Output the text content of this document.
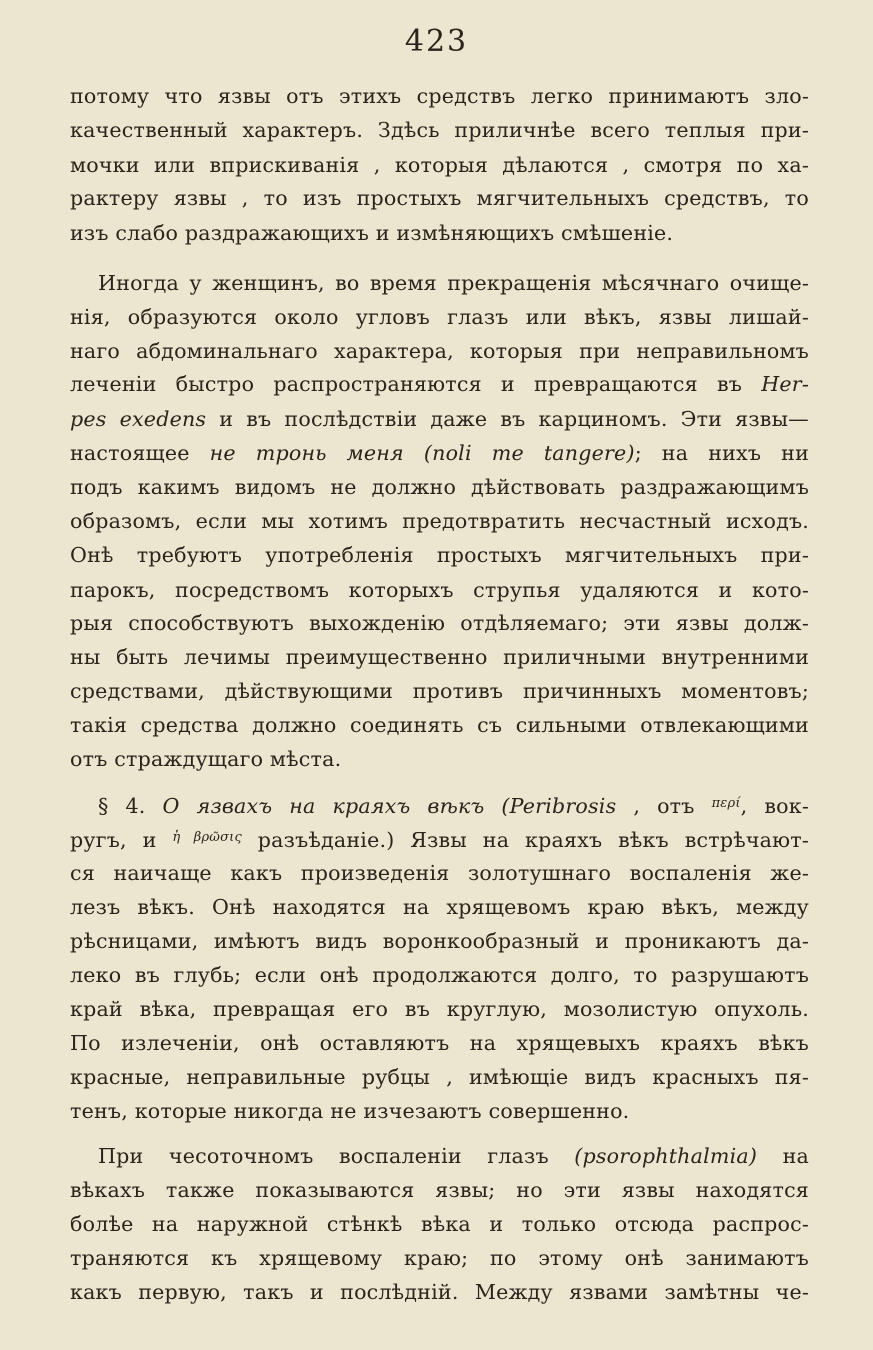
423

потому что язвы отъ этихъ средствъ легко принимаютъ зло-

качественный характеръ. Здѣсь приличнѣе всего теплыя при-

мочки или вприскиванія , которыя дѣлаются , смотря по ха-

рактеру язвы , то изъ простыхъ мягчительныхъ средствъ, то

изъ слабо раздражающихъ и измѣняющихъ смѣшеніе.

Иногда у женщинъ, во время прекращенія мѣсячнаго очище-

нія, образуются около угловъ глазъ или вѣкъ, язвы лишай-

наго абдоминальнаго характера, которыя при неправильномъ

леченіи быстро распространяются и превращаются въ Her-

pes exedens и въ послѣдствіи даже въ карциномъ. Эти язвы—

настоящее не тронь меня (noli me tangere); на нихъ ни

подъ какимъ видомъ не должно дѣйствовать раздражающимъ

образомъ, если мы хотимъ предотвратить несчастный исходъ.

Онѣ требуютъ употребленія простыхъ мягчительныхъ при-

парокъ, посредствомъ которыхъ струпья удаляются и кото-

рыя способствуютъ выхожденію отдѣляемаго; эти язвы долж-

ны быть лечимы преимущественно приличными внутренними

средствами, дѣйствующими противъ причинныхъ моментовъ;

такія средства должно соединять съ сильными отвлекающими

отъ страждущаго мѣста.

§ 4. О язвахъ на краяхъ вѣкъ (Peribrosis , отъ $^{\pi\varepsilon\rho ί}$, вок-

ругъ, и $^{ἡ \beta\rho ῶ\sigma\iota\varsigma}$ разъѣданіе.) Язвы на краяхъ вѣкъ встрѣчают-

ся наичаще какъ произведенія золотушнаго воспаленія же-

лезъ вѣкъ. Онѣ находятся на хрящевомъ краю вѣкъ, между

рѣсницами, имѣютъ видъ воронкообразный и проникаютъ да-

леко въ глубь; если онѣ продолжаются долго, то разрушаютъ

край вѣка, превращая его въ круглую, мозолистую опухоль.

По излеченіи, онѣ оставляютъ на хрящевыхъ краяхъ вѣкъ

красные, неправильные рубцы , имѣющіе видъ красныхъ пя-

тенъ, которые никогда не изчезаютъ совершенно.

При чесоточномъ воспаленіи глазъ (psorophthalmia) на

вѣкахъ также показываются язвы; но эти язвы находятся

болѣе на наружной стѣнкѣ вѣка и только отсюда распрос-

траняются къ хрящевому краю; по этому онѣ занимаютъ

какъ первую, такъ и послѣдній. Между язвами замѣтны че-
